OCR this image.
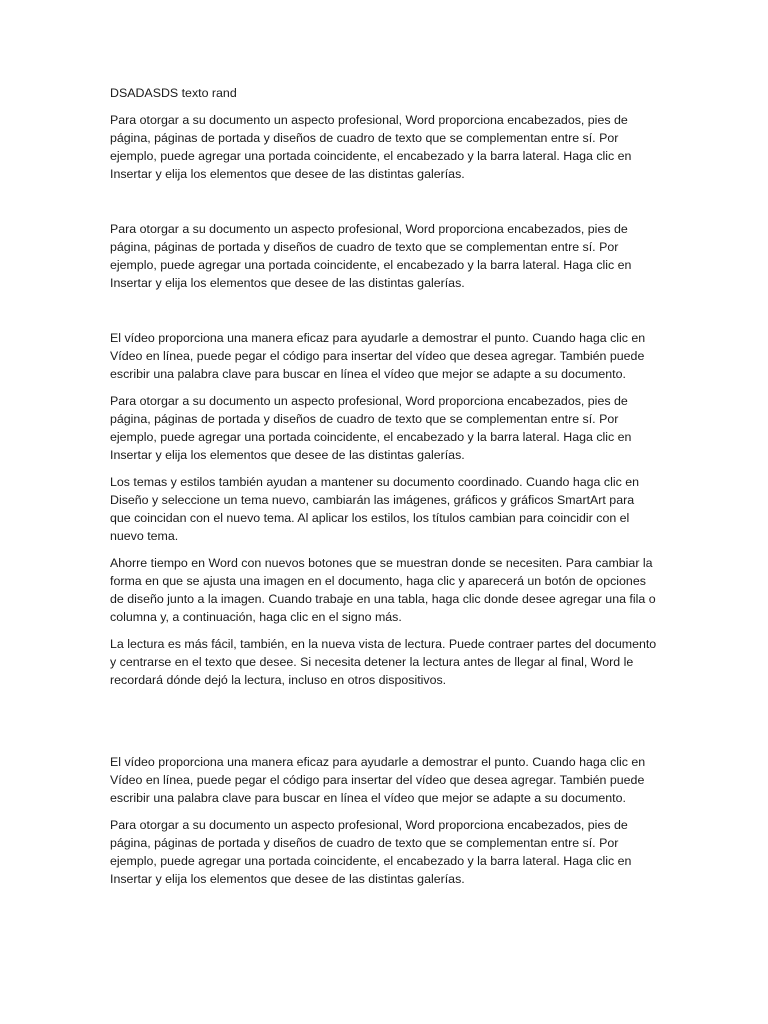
DSADASDS texto rand

Para otorgar a su documento un aspecto profesional, Word proporciona encabezados, pies de página, páginas de portada y diseños de cuadro de texto que se complementan entre sí. Por ejemplo, puede agregar una portada coincidente, el encabezado y la barra lateral. Haga clic en Insertar y elija los elementos que desee de las distintas galerías.

Para otorgar a su documento un aspecto profesional, Word proporciona encabezados, pies de página, páginas de portada y diseños de cuadro de texto que se complementan entre sí. Por ejemplo, puede agregar una portada coincidente, el encabezado y la barra lateral. Haga clic en Insertar y elija los elementos que desee de las distintas galerías.

El vídeo proporciona una manera eficaz para ayudarle a demostrar el punto. Cuando haga clic en Vídeo en línea, puede pegar el código para insertar del vídeo que desea agregar. También puede escribir una palabra clave para buscar en línea el vídeo que mejor se adapte a su documento.

Para otorgar a su documento un aspecto profesional, Word proporciona encabezados, pies de página, páginas de portada y diseños de cuadro de texto que se complementan entre sí. Por ejemplo, puede agregar una portada coincidente, el encabezado y la barra lateral. Haga clic en Insertar y elija los elementos que desee de las distintas galerías.

Los temas y estilos también ayudan a mantener su documento coordinado. Cuando haga clic en Diseño y seleccione un tema nuevo, cambiarán las imágenes, gráficos y gráficos SmartArt para que coincidan con el nuevo tema. Al aplicar los estilos, los títulos cambian para coincidir con el nuevo tema.

Ahorre tiempo en Word con nuevos botones que se muestran donde se necesiten. Para cambiar la forma en que se ajusta una imagen en el documento, haga clic y aparecerá un botón de opciones de diseño junto a la imagen. Cuando trabaje en una tabla, haga clic donde desee agregar una fila o columna y, a continuación, haga clic en el signo más.

La lectura es más fácil, también, en la nueva vista de lectura. Puede contraer partes del documento y centrarse en el texto que desee. Si necesita detener la lectura antes de llegar al final, Word le recordará dónde dejó la lectura, incluso en otros dispositivos.

El vídeo proporciona una manera eficaz para ayudarle a demostrar el punto. Cuando haga clic en Vídeo en línea, puede pegar el código para insertar del vídeo que desea agregar. También puede escribir una palabra clave para buscar en línea el vídeo que mejor se adapte a su documento.

Para otorgar a su documento un aspecto profesional, Word proporciona encabezados, pies de página, páginas de portada y diseños de cuadro de texto que se complementan entre sí. Por ejemplo, puede agregar una portada coincidente, el encabezado y la barra lateral. Haga clic en Insertar y elija los elementos que desee de las distintas galerías.
